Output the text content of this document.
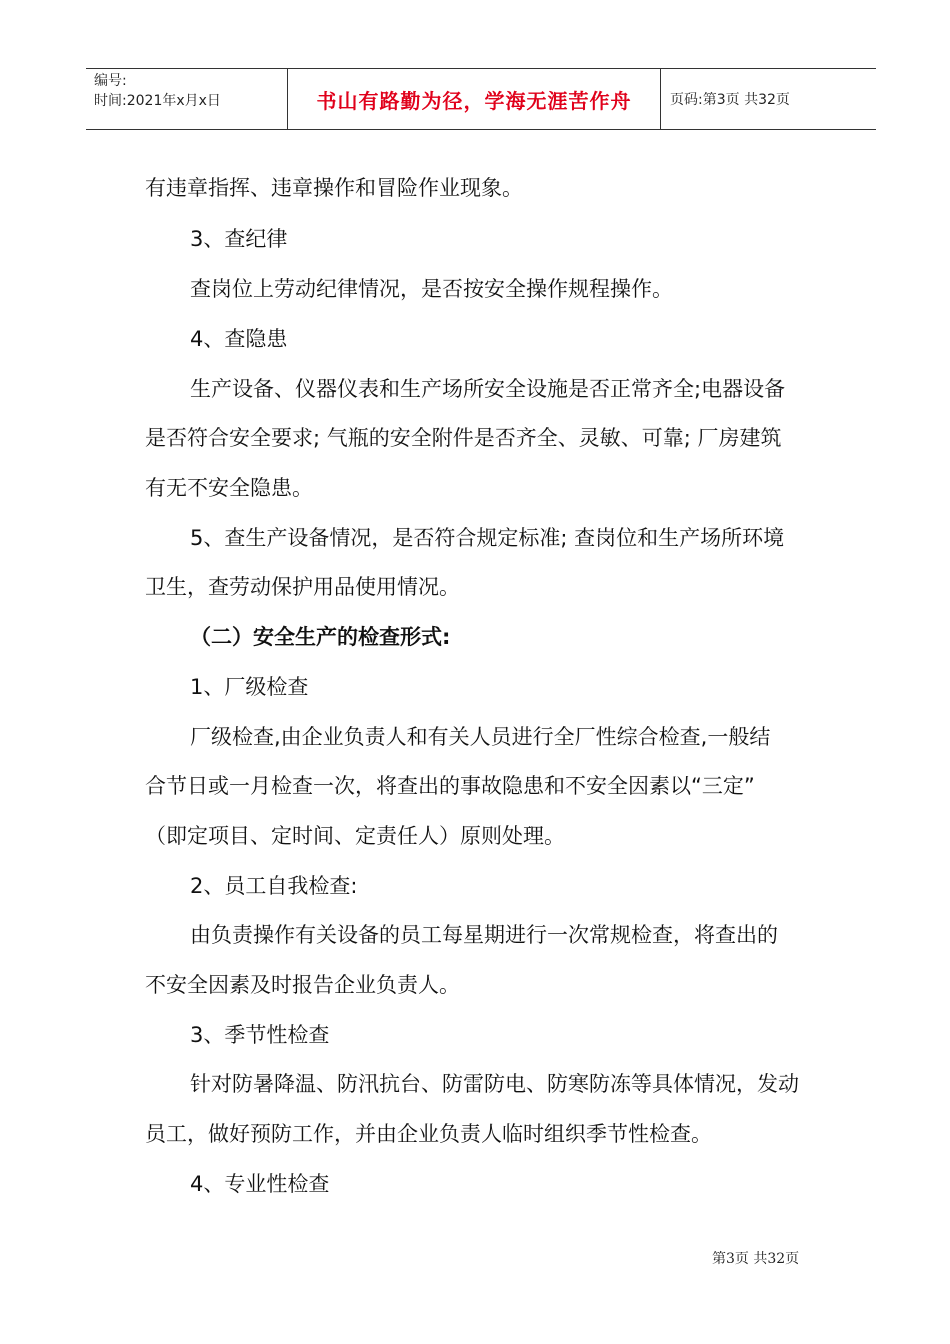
编号:
时间:2021年x月x日	书山有路勤为径，学海无涯苦作舟	页码:第3页 共32页
有违章指挥、违章操作和冒险作业现象。
3、查纪律
查岗位上劳动纪律情况，是否按安全操作规程操作。
4、查隐患
生产设备、仪器仪表和生产场所安全设施是否正常齐全;电器设备
是否符合安全要求; 气瓶的安全附件是否齐全、灵敏、可靠; 厂房建筑
有无不安全隐患。
5、查生产设备情况，是否符合规定标准; 查岗位和生产场所环境
卫生，查劳动保护用品使用情况。
（二）安全生产的检查形式:
1、厂级检查
厂级检查,由企业负责人和有关人员进行全厂性综合检查,一般结
合节日或一月检查一次，将查出的事故隐患和不安全因素以“三定”
（即定项目、定时间、定责任人）原则处理。
2、员工自我检查:
由负责操作有关设备的员工每星期进行一次常规检查，将查出的
不安全因素及时报告企业负责人。
3、季节性检查
针对防暑降温、防汛抗台、防雷防电、防寒防冻等具体情况，发动
员工，做好预防工作，并由企业负责人临时组织季节性检查。
4、专业性检查
第3页 共32页
